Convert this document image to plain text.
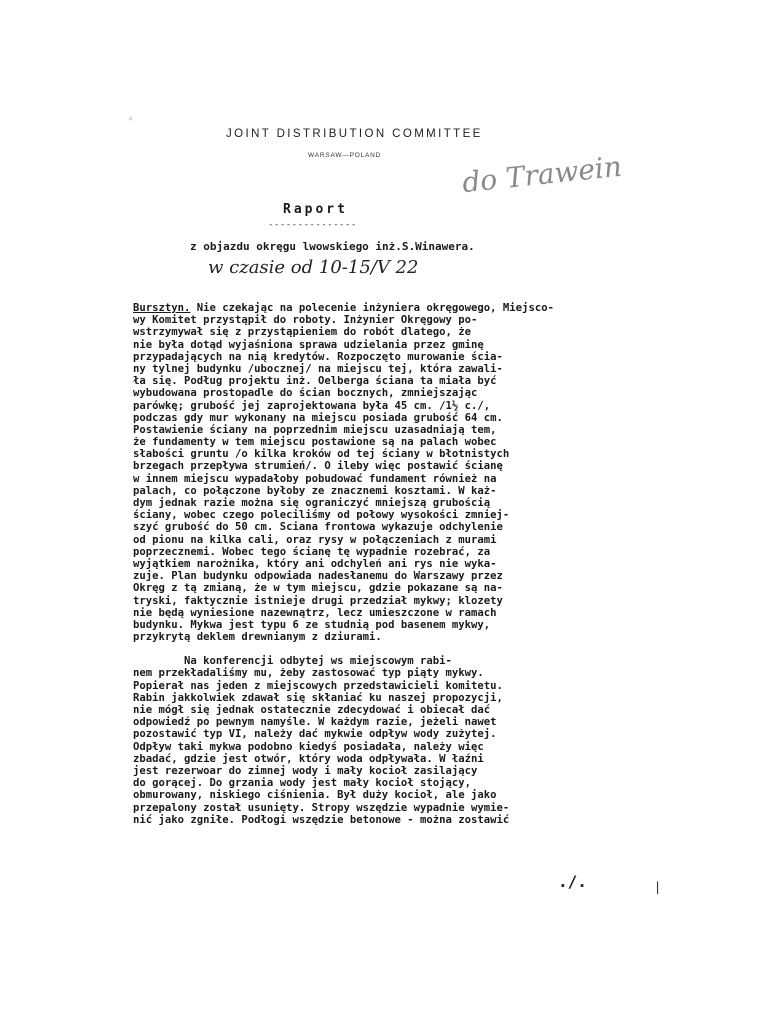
*
JOINT DISTRIBUTION COMMITTEE
WARSAW—POLAND	do Trawein
Raport
---------------
z objazdu okręgu lwowskiego inż.S.Winawera.
w czasie od 10-15/V 22
Bursztyn. Nie czekając na polecenie inżyniera okręgowego, Miejsco-
wy Komitet przystąpił do roboty. Inżynier Okręgowy po-
wstrzymywał się z przystąpieniem do robót dlatego, że
nie była dotąd wyjaśniona sprawa udzielania przez gminę
przypadających na nią kredytów. Rozpoczęto murowanie ścia-
ny tylnej budynku /ubocznej/ na miejscu tej, która zawali-
ła się. Podług projektu inż. Oelberga ściana ta miała być
wybudowana prostopadle do ścian bocznych, zmniejszając
parówkę; grubość jej zaprojektowana była 45 cm. /1½ c./,
podczas gdy mur wykonany na miejscu posiada grubość 64 cm.
Postawienie ściany na poprzednim miejscu uzasadniają tem,
że fundamenty w tem miejscu postawione są na palach wobec
słabości gruntu /o kilka kroków od tej ściany w błotnistych
brzegach przepływa strumień/. O ileby więc postawić ścianę
w innem miejscu wypadałoby pobudować fundament również na
palach, co połączone byłoby ze znacznemi kosztami. W każ-
dym jednak razie można się ograniczyć mniejszą grubością
ściany, wobec czego poleciliśmy od połowy wysokości zmniej-
szyć grubość do 50 cm. Ściana frontowa wykazuje odchylenie
od pionu na kilka cali, oraz rysy w połączeniach z murami
poprzecznemi. Wobec tego ścianę tę wypadnie rozebrać, za
wyjątkiem narożnika, który ani odchyleń ani rys nie wyka-
zuje. Plan budynku odpowiada nadesłanemu do Warszawy przez
Okręg z tą zmianą, że w tym miejscu, gdzie pokazane są na-
tryski, faktycznie istnieje drugi przedział mykwy; klozety
nie będą wyniesione nazewnątrz, lecz umieszczone w ramach
budynku. Mykwa jest typu 6 ze studnią pod basenem mykwy,
przykrytą deklem drewnianym z dziurami.
Na konferencji odbytej ws miejscowym rabi-
nem przekładaliśmy mu, żeby zastosować typ piąty mykwy.
Popierał nas jeden z miejscowych przedstawicieli komitetu.
Rabin jakkolwiek zdawał się skłaniać ku naszej propozycji,
nie mógł się jednak ostatecznie zdecydować i obiecał dać
odpowiedź po pewnym namyśle. W każdym razie, jeżeli nawet
pozostawić typ VI, należy dać mykwie odpływ wody zużytej.
Odpływ taki mykwa podobno kiedyś posiadała, należy więc
zbadać, gdzie jest otwór, który woda odpływała. W łaźni
jest rezerwoar do zimnej wody i mały kocioł zasilający
do gorącej. Do grzania wody jest mały kocioł stojący,
obmurowany, niskiego ciśnienia. Był duży kocioł, ale jako
przepalony został usunięty. Stropy wszędzie wypadnie wymie-
nić jako zgniłe. Podłogi wszędzie betonowe - można zostawić
./.	|
